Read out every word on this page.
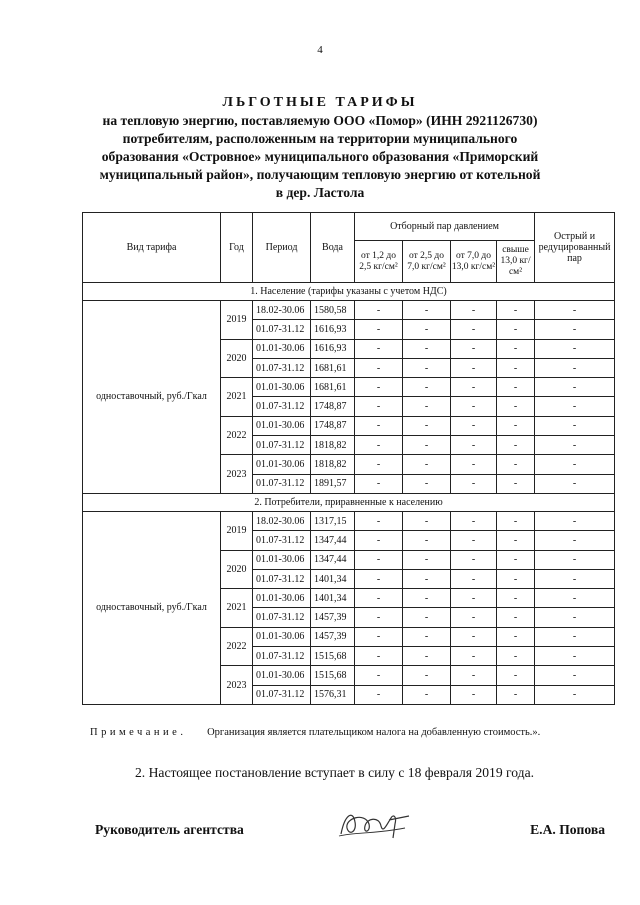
4
ЛЬГОТНЫЕ ТАРИФЫ
на тепловую энергию, поставляемую ООО «Помор» (ИНН 2921126730)
потребителям, расположенным на территории муниципального
образования «Островное» муниципального образования «Приморский
муниципальный район», получающим тепловую энергию от котельной
в дер. Ластола
Вид тарифа	Год	Период	Вода	Отборный пар давлением				Острый и редуцированный пар
				от 1,2 до 2,5 кг/см²	от 2,5 до 7,0 кг/см²	от 7,0 до 13,0 кг/см²	свыше 13,0 кг/см²	
1. Население (тарифы указаны с учетом НДС)								
одноставочный, руб./Гкал	2019	18.02-30.06	1580,58	-	-	-	-	-
		01.07-31.12	1616,93	-	-	-	-	-
	2020	01.01-30.06	1616,93	-	-	-	-	-
		01.07-31.12	1681,61	-	-	-	-	-
	2021	01.01-30.06	1681,61	-	-	-	-	-
		01.07-31.12	1748,87	-	-	-	-	-
	2022	01.01-30.06	1748,87	-	-	-	-	-
		01.07-31.12	1818,82	-	-	-	-	-
	2023	01.01-30.06	1818,82	-	-	-	-	-
		01.07-31.12	1891,57	-	-	-	-	-
2. Потребители, приравненные к населению								
одноставочный, руб./Гкал	2019	18.02-30.06	1317,15	-	-	-	-	-
		01.07-31.12	1347,44	-	-	-	-	-
	2020	01.01-30.06	1347,44	-	-	-	-	-
		01.07-31.12	1401,34	-	-	-	-	-
	2021	01.01-30.06	1401,34	-	-	-	-	-
		01.07-31.12	1457,39	-	-	-	-	-
	2022	01.01-30.06	1457,39	-	-	-	-	-
		01.07-31.12	1515,68	-	-	-	-	-
	2023	01.01-30.06	1515,68	-	-	-	-	-
		01.07-31.12	1576,31	-	-	-	-	-
Примечание. Организация является плательщиком налога на добавленную стоимость.».
2. Настоящее постановление вступает в силу с 18 февраля 2019 года.
Руководитель агентства	Е.А. Попова
